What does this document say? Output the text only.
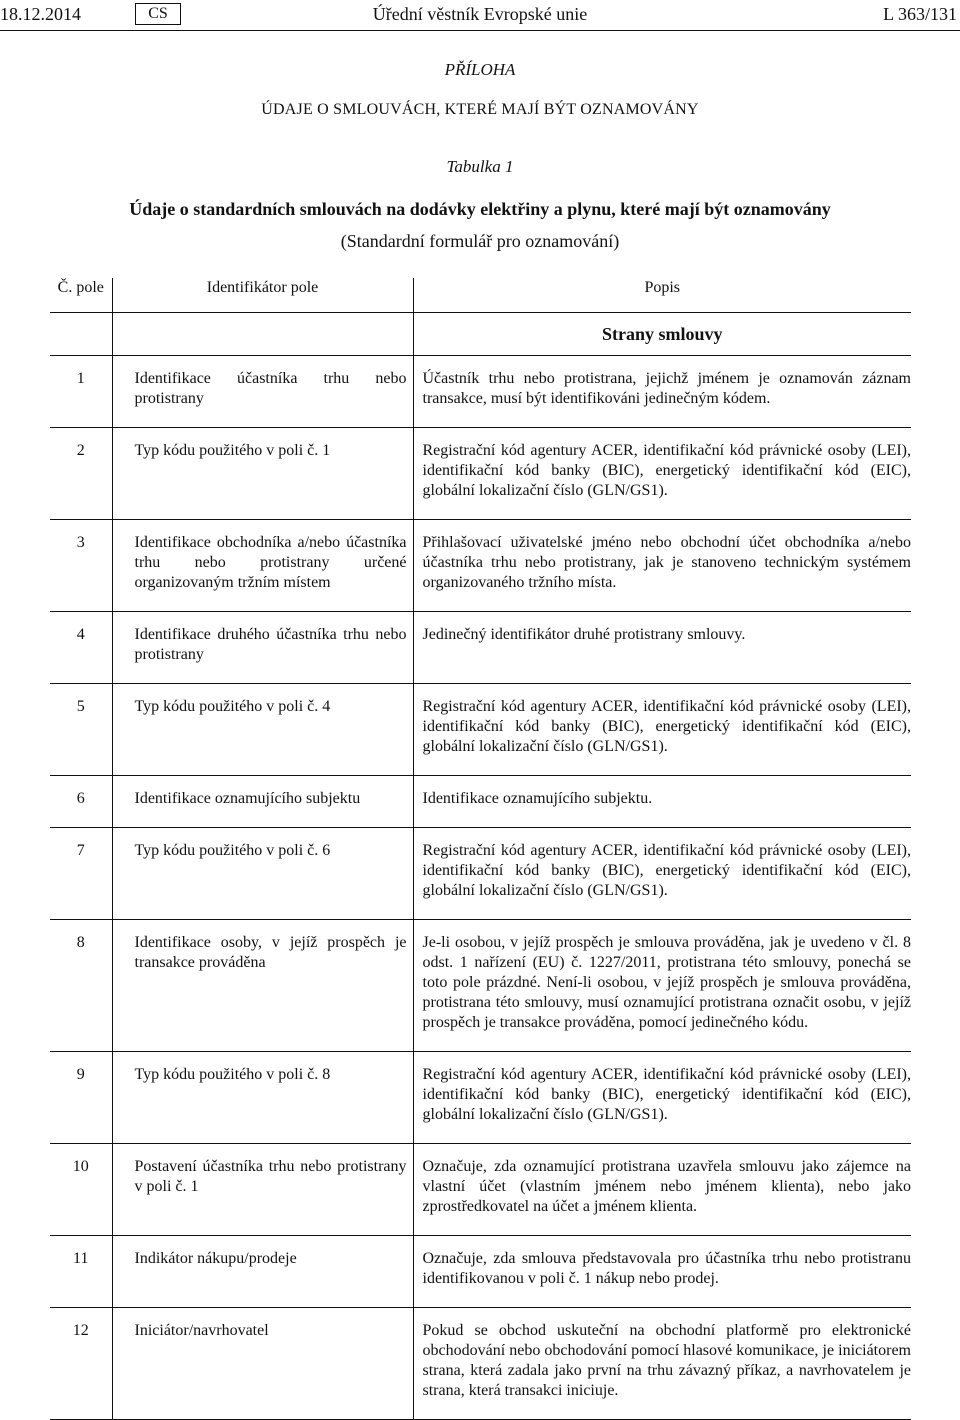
18.12.2014	CS	Úřední věstník Evropské unie	L 363/131
PŘÍLOHA
ÚDAJE O SMLOUVÁCH, KTERÉ MAJÍ BÝT OZNAMOVÁNY
Tabulka 1
Údaje o standardních smlouvách na dodávky elektřiny a plynu, které mají být oznamovány
(Standardní formulář pro oznamování)
Č. pole	Identifikátor pole	Popis
		Strany smlouvy
1	Identifikace účastníka trhu nebo protistrany	Účastník trhu nebo protistrana, jejichž jménem je oznamován záznam transakce, musí být identifikováni jedinečným kódem.
2	Typ kódu použitého v poli č. 1	Registrační kód agentury ACER, identifikační kód právnické osoby (LEI), identifikační kód banky (BIC), energetický identifikační kód (EIC), globální lokalizační číslo (GLN/GS1).
3	Identifikace obchodníka a/nebo účastníka trhu nebo protistrany určené organizovaným tržním místem	Přihlašovací uživatelské jméno nebo obchodní účet obchodníka a/nebo účastníka trhu nebo protistrany, jak je stanoveno technickým systémem organizovaného tržního místa.
4	Identifikace druhého účastníka trhu nebo protistrany	Jedinečný identifikátor druhé protistrany smlouvy.
5	Typ kódu použitého v poli č. 4	Registrační kód agentury ACER, identifikační kód právnické osoby (LEI), identifikační kód banky (BIC), energetický identifikační kód (EIC), globální lokalizační číslo (GLN/GS1).
6	Identifikace oznamujícího subjektu	Identifikace oznamujícího subjektu.
7	Typ kódu použitého v poli č. 6	Registrační kód agentury ACER, identifikační kód právnické osoby (LEI), identifikační kód banky (BIC), energetický identifikační kód (EIC), globální lokalizační číslo (GLN/GS1).
8	Identifikace osoby, v jejíž prospěch je transakce prováděna	Je-li osobou, v jejíž prospěch je smlouva prováděna, jak je uvedeno v čl. 8 odst. 1 nařízení (EU) č. 1227/2011, protistrana této smlouvy, ponechá se toto pole prázdné. Není-li osobou, v jejíž prospěch je smlouva prováděna, protistrana této smlouvy, musí oznamující protistrana označit osobu, v jejíž prospěch je transakce prováděna, pomocí jedinečného kódu.
9	Typ kódu použitého v poli č. 8	Registrační kód agentury ACER, identifikační kód právnické osoby (LEI), identifikační kód banky (BIC), energetický identifikační kód (EIC), globální lokalizační číslo (GLN/GS1).
10	Postavení účastníka trhu nebo protistrany v poli č. 1	Označuje, zda oznamující protistrana uzavřela smlouvu jako zájemce na vlastní účet (vlastním jménem nebo jménem klienta), nebo jako zprostředkovatel na účet a jménem klienta.
11	Indikátor nákupu/prodeje	Označuje, zda smlouva představovala pro účastníka trhu nebo protistranu identifikovanou v poli č. 1 nákup nebo prodej.
12	Iniciátor/navrhovatel	Pokud se obchod uskuteční na obchodní platformě pro elektronické obchodování nebo obchodování pomocí hlasové komunikace, je iniciátorem strana, která zadala jako první na trhu závazný příkaz, a navrhovatelem je strana, která transakci iniciuje.
